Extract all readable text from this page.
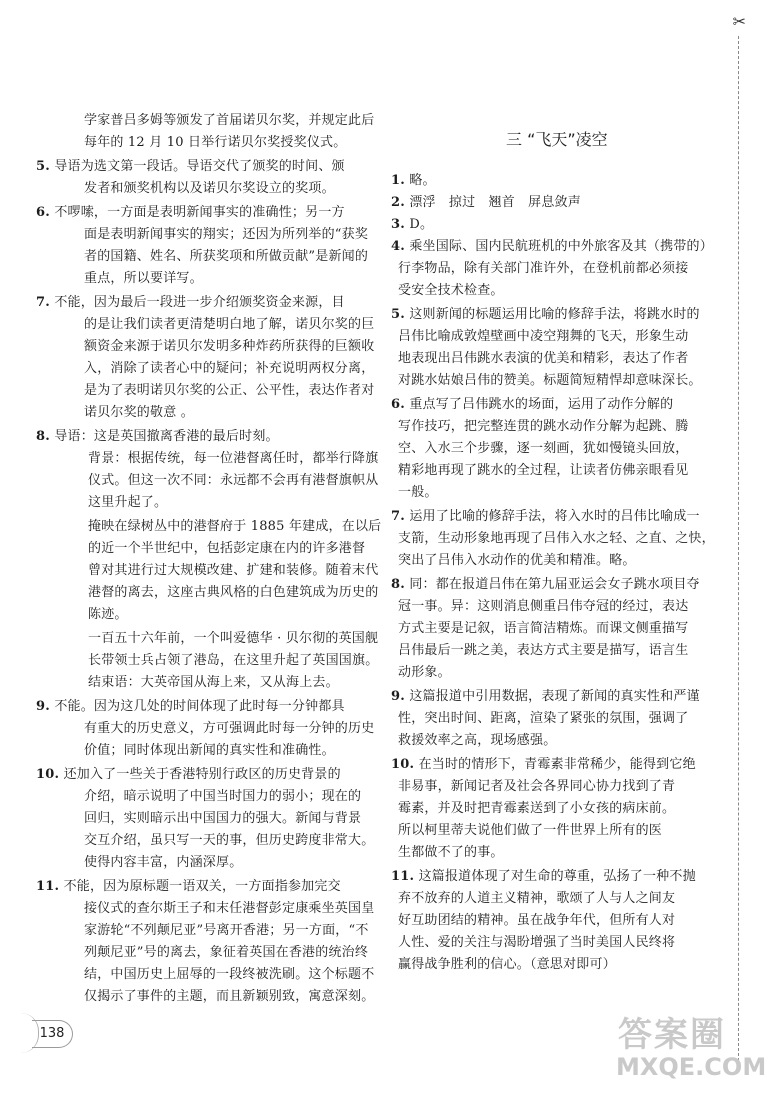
✂
学家普吕多姆等颁发了首届诺贝尔奖，并规定此后
每年的 12 月 10 日举行诺贝尔奖授奖仪式。
5. 导语为选文第一段话。导语交代了颁奖的时间、颁
发者和颁奖机构以及诺贝尔奖设立的奖项。
6. 不啰嗦，一方面是表明新闻事实的准确性；另一方
面是表明新闻事实的翔实；还因为所列举的“获奖
者的国籍、姓名、所获奖项和所做贡献”是新闻的
重点，所以要详写。
7. 不能，因为最后一段进一步介绍颁奖资金来源，目
的是让我们读者更清楚明白地了解，诺贝尔奖的巨
额资金来源于诺贝尔发明多种炸药所获得的巨额收
入，消除了读者心中的疑问；补充说明两权分离，
是为了表明诺贝尔奖的公正、公平性，表达作者对
诺贝尔奖的敬意 。
8. 导语：这是英国撤离香港的最后时刻。
背景：根据传统，每一位港督离任时，都举行降旗
仪式。但这一次不同：永远都不会再有港督旗帜从
这里升起了。
掩映在绿树丛中的港督府于 1885 年建成，在以后
的近一个半世纪中，包括彭定康在内的许多港督
曾对其进行过大规模改建、扩建和装修。随着末代
港督的离去，这座古典风格的白色建筑成为历史的
陈迹。
一百五十六年前，一个叫爱德华 · 贝尔彻的英国舰
长带领士兵占领了港岛，在这里升起了英国国旗。
结束语：大英帝国从海上来，又从海上去。
9. 不能。因为这几处的时间体现了此时每一分钟都具
有重大的历史意义，方可强调此时每一分钟的历史
价值；同时体现出新闻的真实性和准确性。
10. 还加入了一些关于香港特别行政区的历史背景的
介绍，暗示说明了中国当时国力的弱小；现在的
回归，实则暗示出中国国力的强大。新闻与背景
交互介绍，虽只写一天的事，但历史跨度非常大。
使得内容丰富，内涵深厚。
11. 不能，因为原标题一语双关，一方面指参加完交
接仪式的查尔斯王子和末任港督彭定康乘坐英国皇
家游轮“不列颠尼亚”号离开香港；另一方面，“不
列颠尼亚”号的离去，象征着英国在香港的统治终
结，中国历史上屈辱的一段终被洗刷。这个标题不
仅揭示了事件的主题，而且新颖别致，寓意深刻。
三 “飞天”凌空
1. 略。
2. 漂浮　掠过　翘首　屏息敛声
3. D。
4. 乘坐国际、国内民航班机的中外旅客及其（携带的）
行李物品，除有关部门准许外，在登机前都必须接
受安全技术检查。
5. 这则新闻的标题运用比喻的修辞手法，将跳水时的
吕伟比喻成敦煌壁画中凌空翔舞的飞天，形象生动
地表现出吕伟跳水表演的优美和精彩，表达了作者
对跳水姑娘吕伟的赞美。标题简短精悍却意味深长。
6. 重点写了吕伟跳水的场面，运用了动作分解的
写作技巧，把完整连贯的跳水动作分解为起跳、腾
空、入水三个步骤，逐一刻画，犹如慢镜头回放，
精彩地再现了跳水的全过程，让读者仿佛亲眼看见
一般。
7. 运用了比喻的修辞手法，将入水时的吕伟比喻成一
支箭，生动形象地再现了吕伟入水之轻、之直、之快，
突出了吕伟入水动作的优美和精准。略。
8. 同：都在报道吕伟在第九届亚运会女子跳水项目夺
冠一事。异：这则消息侧重吕伟夺冠的经过，表达
方式主要是记叙，语言简洁精炼。而课文侧重描写
吕伟最后一跳之美，表达方式主要是描写，语言生
动形象。
9. 这篇报道中引用数据，表现了新闻的真实性和严谨
性，突出时间、距离，渲染了紧张的氛围，强调了
救援效率之高，现场感强。
10. 在当时的情形下，青霉素非常稀少，能得到它绝
非易事，新闻记者及社会各界同心协力找到了青
霉素，并及时把青霉素送到了小女孩的病床前。
所以柯里蒂夫说他们做了一件世界上所有的医
生都做不了的事。
11. 这篇报道体现了对生命的尊重，弘扬了一种不抛
弃不放弃的人道主义精神，歌颂了人与人之间友
好互助团结的精神。虽在战争年代，但所有人对
人性、爱的关注与渴盼增强了当时美国人民终将
赢得战争胜利的信心。（意思对即可）
138	答案圈
MXQE.COM
